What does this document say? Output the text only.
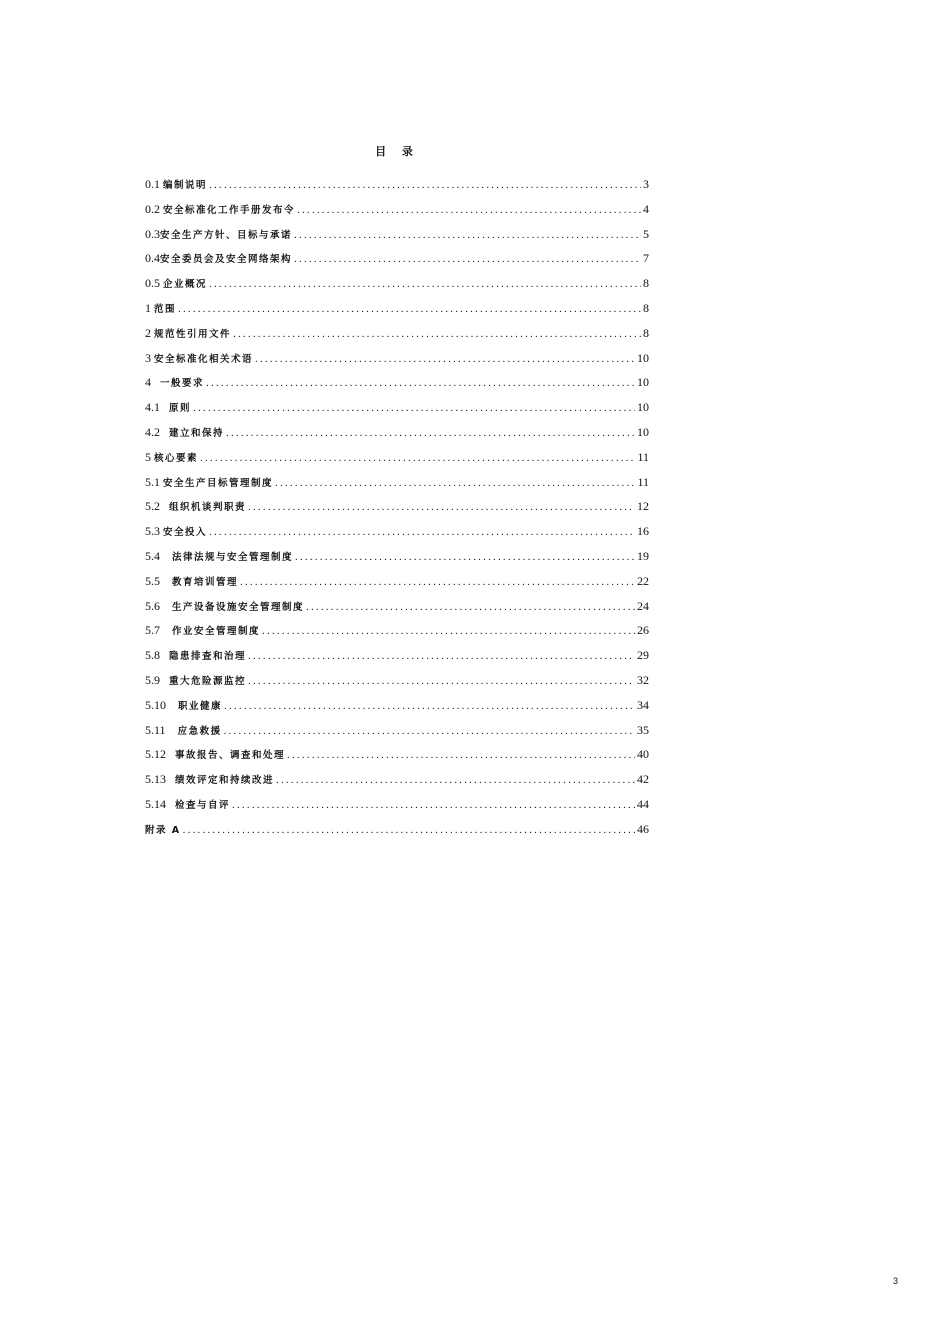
目 录
0.1 编制说明 .....	3
0.2 安全标准化工作手册发布令 .....	4
0.3 安全生产方针、目标与承诺 .....	5
0.4 安全委员会及安全网络架构 .....	7
0.5 企业概况 .....	8
1 范围 .....	8
2 规范性引用文件 .....	8
3 安全标准化相关术语 .....	10
4 一般要求 .....	10
4.1 原则 .....	10
4.2 建立和保持 .....	10
5 核心要素 .....	11
5.1 安全生产目标管理制度 .....	11
5.2 组织机谈判职责 .....	12
5.3 安全投入 .....	16
5.4 法律法规与安全管理制度 .....	19
5.5 教育培训管理 .....	22
5.6 生产设备设施安全管理制度 .....	24
5.7 作业安全管理制度 .....	26
5.8 隐患排查和治理 .....	29
5.9 重大危险源监控 .....	32
5.10 职业健康 .....	34
5.11 应急救援 .....	35
5.12 事故报告、调查和处理 .....	40
5.13 绩效评定和持续改进 .....	42
5.14 检查与自评 .....	44
附录 A .....	46
3
